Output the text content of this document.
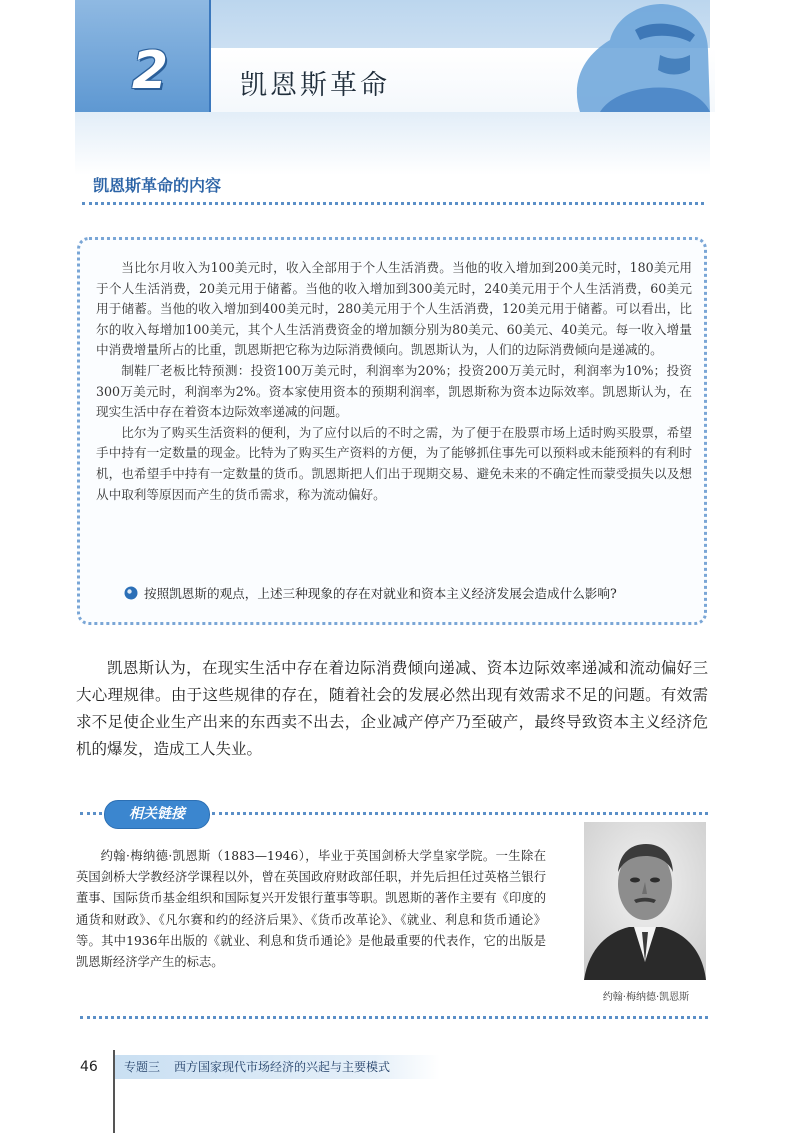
2	凯恩斯革命
凯恩斯革命的内容

当比尔月收入为100美元时，收入全部用于个人生活消费。当他的收入增加到200美元时，180美元用于个人生活消费，20美元用于储蓄。当他的收入增加到300美元时，240美元用于个人生活消费，60美元用于储蓄。当他的收入增加到400美元时，280美元用于个人生活消费，120美元用于储蓄。可以看出，比尔的收入每增加100美元，其个人生活消费资金的增加额分别为80美元、60美元、40美元。每一收入增量中消费增量所占的比重，凯恩斯把它称为边际消费倾向。凯恩斯认为，人们的边际消费倾向是递减的。

制鞋厂老板比特预测：投资100万美元时，利润率为20%；投资200万美元时，利润率为10%；投资300万美元时，利润率为2%。资本家使用资本的预期利润率，凯恩斯称为资本边际效率。凯恩斯认为，在现实生活中存在着资本边际效率递减的问题。

比尔为了购买生活资料的便利，为了应付以后的不时之需，为了便于在股票市场上适时购买股票，希望手中持有一定数量的现金。比特为了购买生产资料的方便，为了能够抓住事先可以预料或未能预料的有利时机，也希望手中持有一定数量的货币。凯恩斯把人们出于现期交易、避免未来的不确定性而蒙受损失以及想从中取利等原因而产生的货币需求，称为流动偏好。

按照凯恩斯的观点，上述三种现象的存在对就业和资本主义经济发展会造成什么影响?

凯恩斯认为，在现实生活中存在着边际消费倾向递减、资本边际效率递减和流动偏好三大心理规律。由于这些规律的存在，随着社会的发展必然出现有效需求不足的问题。有效需求不足使企业生产出来的东西卖不出去，企业减产停产乃至破产，最终导致资本主义经济危机的爆发，造成工人失业。

相关链接

约翰·梅纳德·凯恩斯（1883—1946），毕业于英国剑桥大学皇家学院。一生除在英国剑桥大学教经济学课程以外，曾在英国政府财政部任职，并先后担任过英格兰银行董事、国际货币基金组织和国际复兴开发银行董事等职。凯恩斯的著作主要有《印度的通货和财政》、《凡尔赛和约的经济后果》、《货币改革论》、《就业、利息和货币通论》等。其中1936年出版的《就业、利息和货币通论》是他最重要的代表作，它的出版是凯恩斯经济学产生的标志。

约翰·梅纳德·凯恩斯
46	专题三 西方国家现代市场经济的兴起与主要模式
